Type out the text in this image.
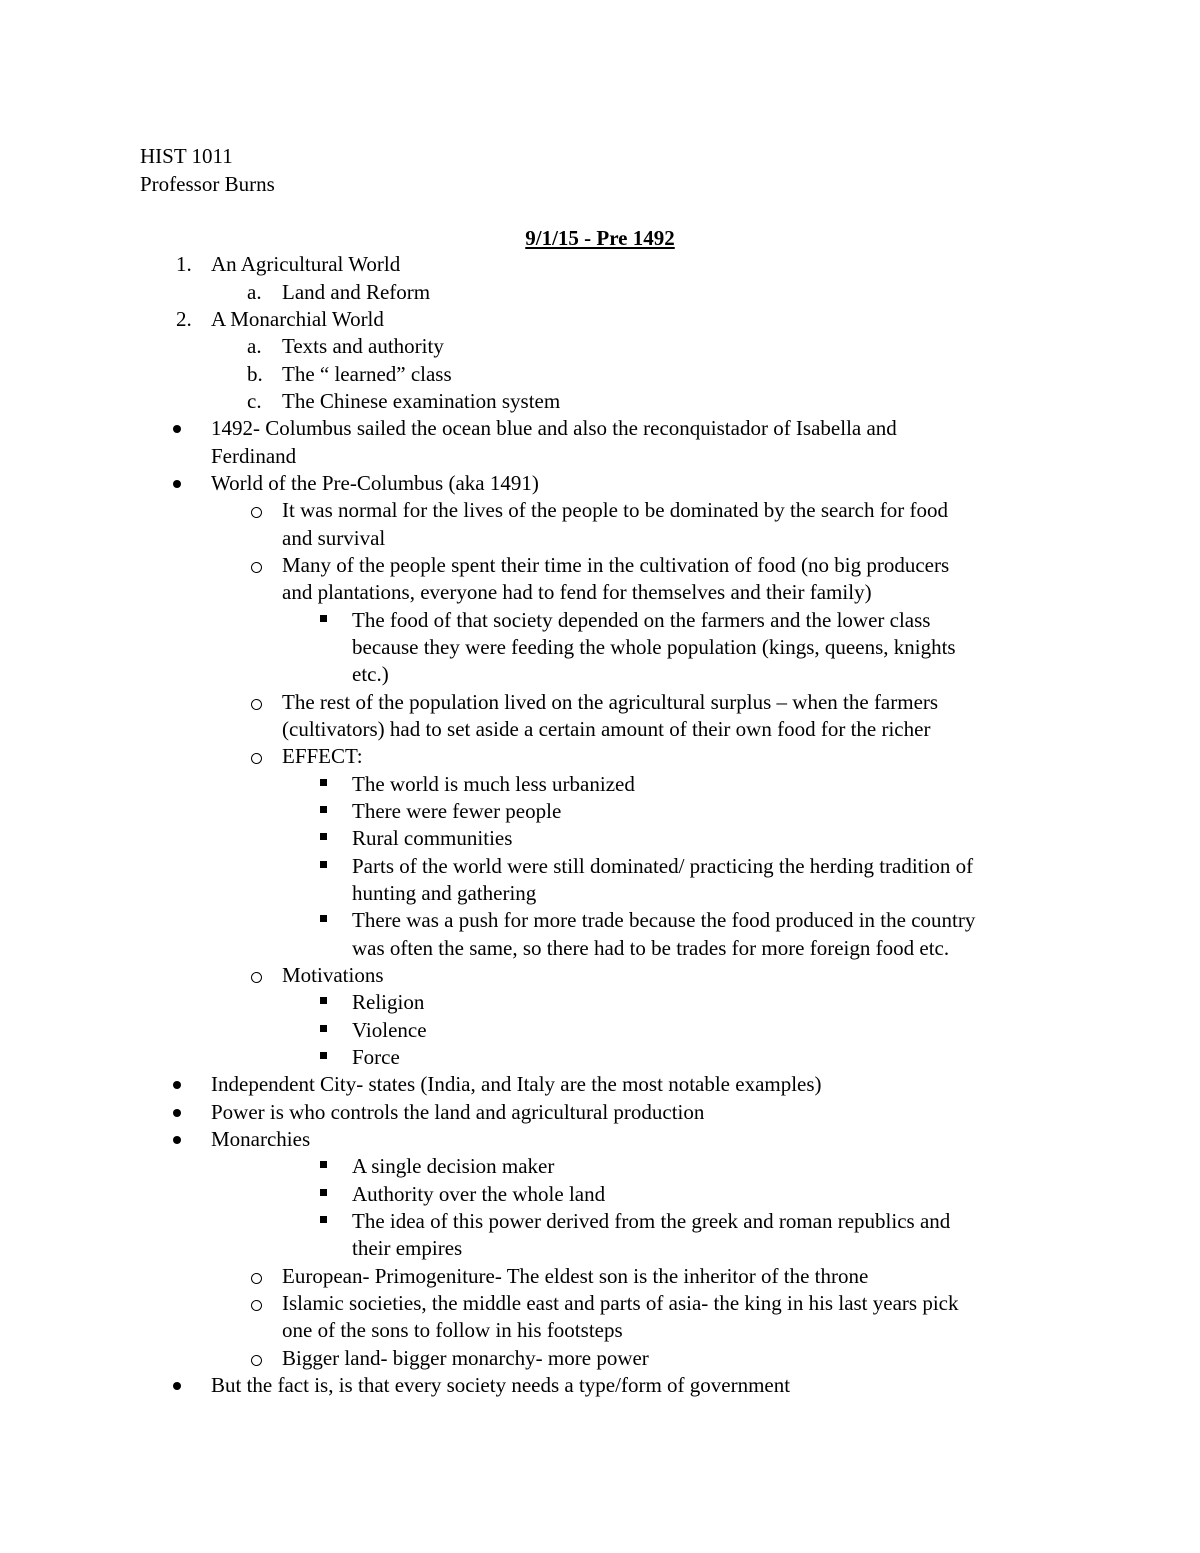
HIST 1011
Professor Burns
9/1/15 - Pre 1492
1. An Agricultural World
a. Land and Reform
2. A Monarchial World
a. Texts and authority
b. The “ learned” class
c. The Chinese examination system
1492- Columbus sailed the ocean blue and also the reconquistador of Isabella and
Ferdinand
World of the Pre-Columbus (aka 1491)
It was normal for the lives of the people to be dominated by the search for food
and survival
Many of the people spent their time in the cultivation of food (no big producers
and plantations, everyone had to fend for themselves and their family)
The food of that society depended on the farmers and the lower class
because they were feeding the whole population (kings, queens, knights
etc.)
The rest of the population lived on the agricultural surplus – when the farmers
(cultivators) had to set aside a certain amount of their own food for the richer
EFFECT:
The world is much less urbanized
There were fewer people
Rural communities
Parts of the world were still dominated/ practicing the herding tradition of
hunting and gathering
There was a push for more trade because the food produced in the country
was often the same, so there had to be trades for more foreign food etc.
Motivations
Religion
Violence
Force
Independent City- states (India, and Italy are the most notable examples)
Power is who controls the land and agricultural production
Monarchies
A single decision maker
Authority over the whole land
The idea of this power derived from the greek and roman republics and
their empires
European- Primogeniture- The eldest son is the inheritor of the throne
Islamic societies, the middle east and parts of asia- the king in his last years pick
one of the sons to follow in his footsteps
Bigger land- bigger monarchy- more power
But the fact is, is that every society needs a type/form of government
